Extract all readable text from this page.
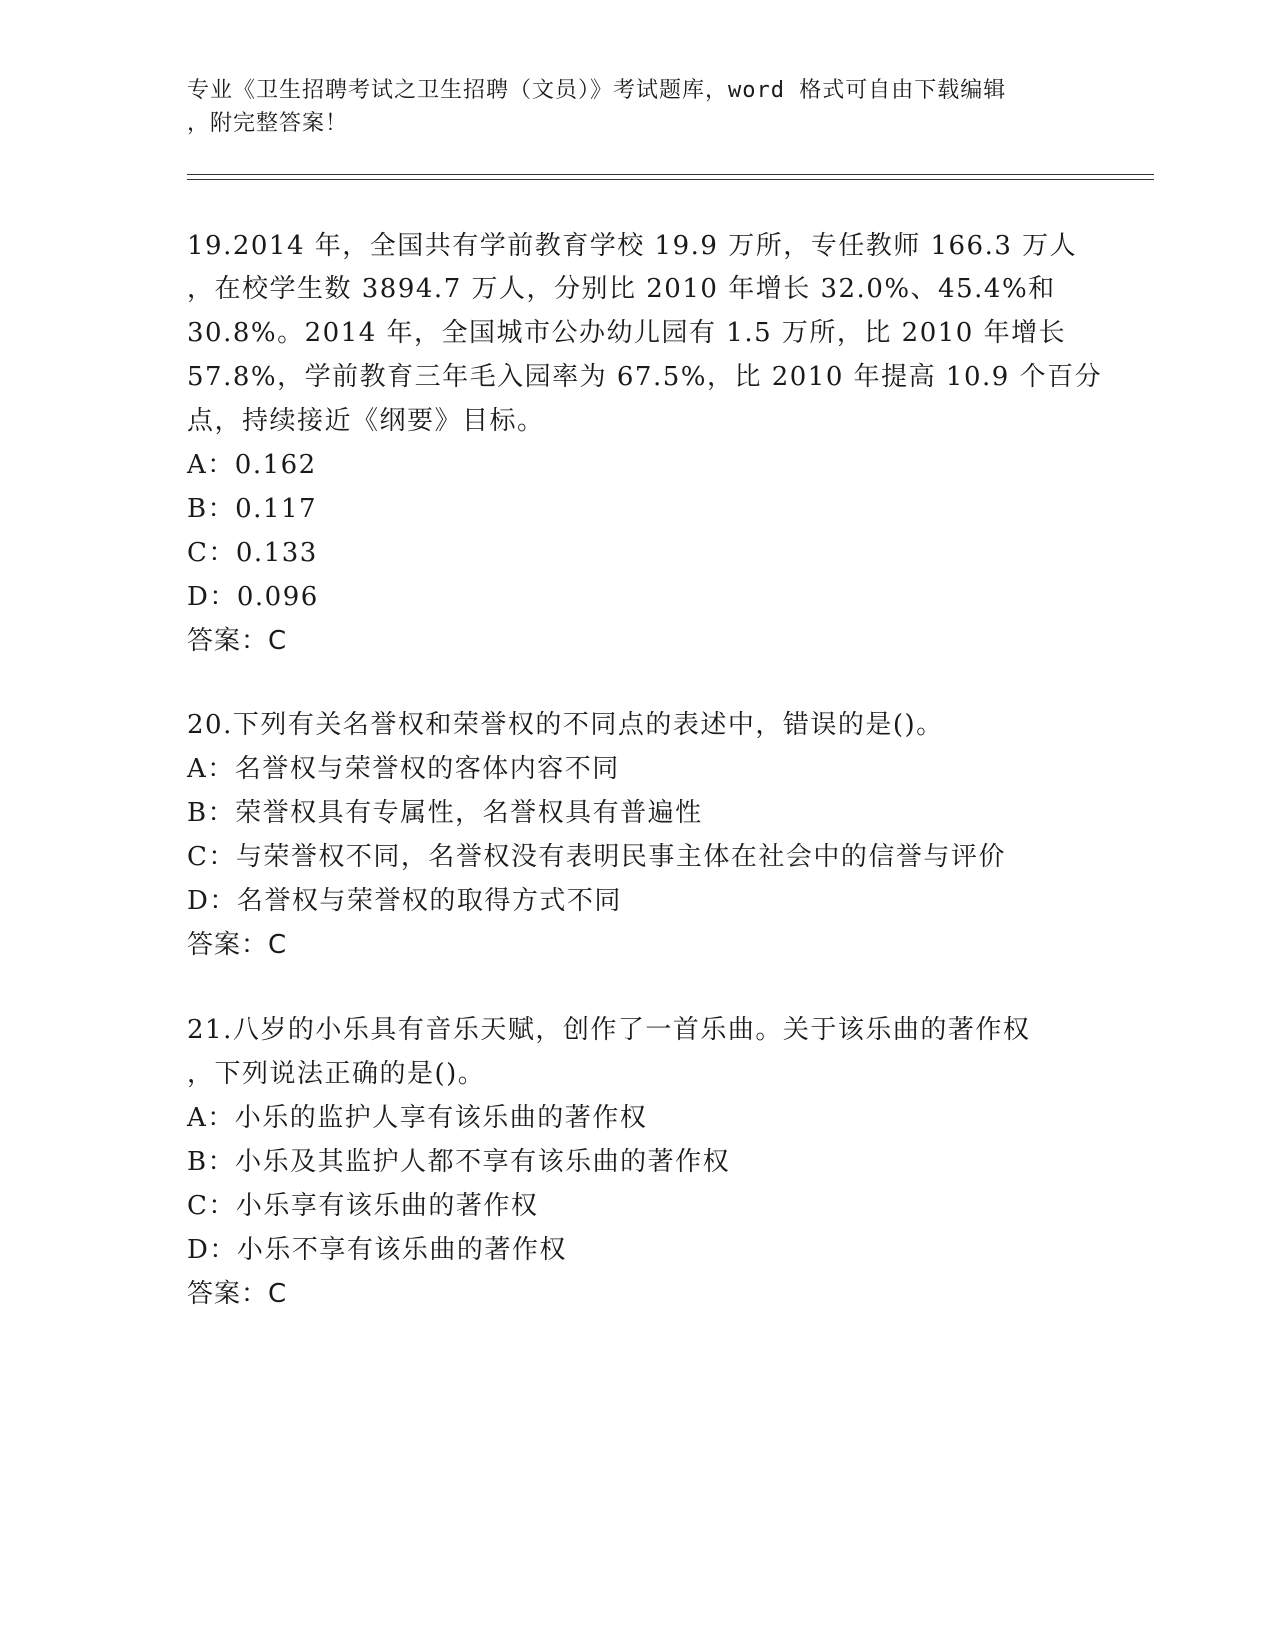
专业《卫生招聘考试之卫生招聘（文员）》考试题库，word 格式可自由下载编辑
，附完整答案！
19.2014 年，全国共有学前教育学校 19.9 万所，专任教师 166.3 万人
，在校学生数 3894.7 万人，分别比 2010 年增长 32.0%、45.4%和
30.8%。2014 年，全国城市公办幼儿园有 1.5 万所，比 2010 年增长
57.8%，学前教育三年毛入园率为 67.5%，比 2010 年提高 10.9 个百分
点，持续接近《纲要》目标。
A：0.162
B：0.117
C：0.133
D：0.096
答案：C
20.下列有关名誉权和荣誉权的不同点的表述中，错误的是()。
A：名誉权与荣誉权的客体内容不同
B：荣誉权具有专属性，名誉权具有普遍性
C：与荣誉权不同，名誉权没有表明民事主体在社会中的信誉与评价
D：名誉权与荣誉权的取得方式不同
答案：C
21.八岁的小乐具有音乐天赋，创作了一首乐曲。关于该乐曲的著作权
，下列说法正确的是()。
A：小乐的监护人享有该乐曲的著作权
B：小乐及其监护人都不享有该乐曲的著作权
C：小乐享有该乐曲的著作权
D：小乐不享有该乐曲的著作权
答案：C
